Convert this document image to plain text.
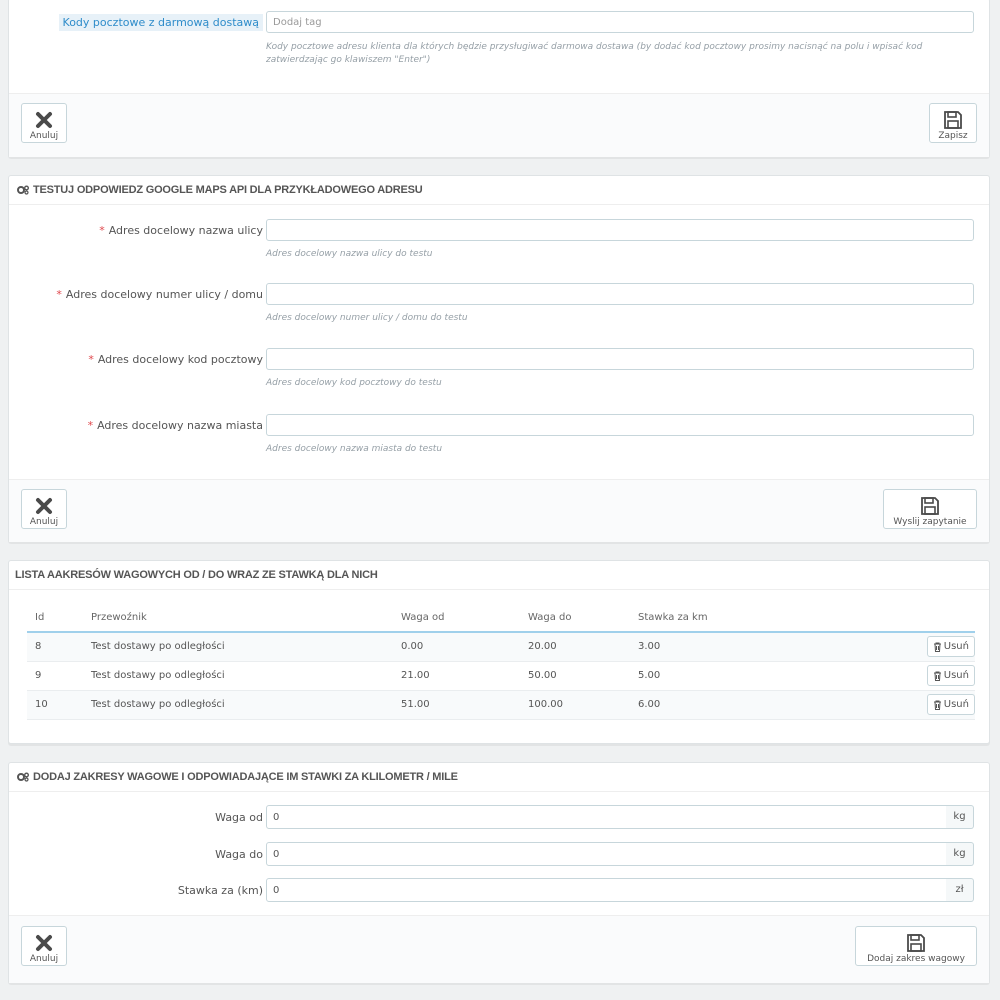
Kody pocztowe z darmową dostawą
Dodaj tag
Kody pocztowe adresu klienta dla których będzie przysługiwać darmowa dostawa (by dodać kod pocztowy prosimy nacisnąć na polu i wpisać kod zatwierdzając go klawiszem "Enter")
Anuluj	Zapisz
TESTUJ ODPOWIEDZ GOOGLE MAPS API DLA PRZYKŁADOWEGO ADRESU
* Adres docelowy nazwa ulicy
Adres docelowy nazwa ulicy do testu
* Adres docelowy numer ulicy / domu
Adres docelowy numer ulicy / domu do testu
* Adres docelowy kod pocztowy
Adres docelowy kod pocztowy do testu
* Adres docelowy nazwa miasta
Adres docelowy nazwa miasta do testu
Anuluj	Wyslij zapytanie
LISTA AAKRESÓW WAGOWYCH OD / DO WRAZ ZE STAWKĄ DLA NICH
Id	Przewoźnik	Waga od	Waga do	Stawka za km	
8	Test dostawy po odległości	0.00	20.00	3.00	Usuń

9	Test dostawy po odległości	21.00	50.00	5.00	Usuń

10	Test dostawy po odległości	51.00	100.00	6.00	Usuń
DODAJ ZAKRESY WAGOWE I ODPOWIADAJĄCE IM STAWKI ZA KLILOMETR / MILE
Waga od
0	kg
Waga do
0	kg
Stawka za (km)
0	zł
Anuluj	Dodaj zakres wagowy
